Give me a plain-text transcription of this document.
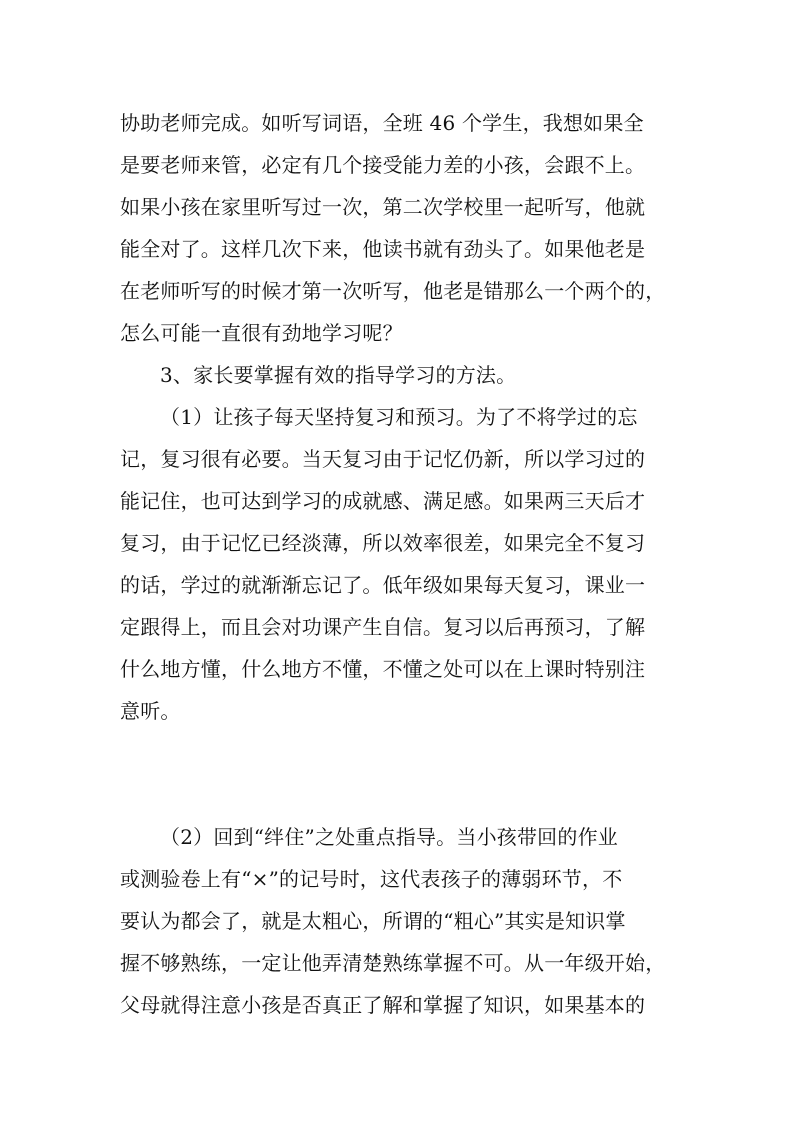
协助老师完成。如听写词语，全班 46 个学生，我想如果全
是要老师来管，必定有几个接受能力差的小孩，会跟不上。
如果小孩在家里听写过一次，第二次学校里一起听写，他就
能全对了。这样几次下来，他读书就有劲头了。如果他老是
在老师听写的时候才第一次听写，他老是错那么一个两个的，
怎么可能一直很有劲地学习呢？
3、家长要掌握有效的指导学习的方法。
（1）让孩子每天坚持复习和预习。为了不将学过的忘
记，复习很有必要。当天复习由于记忆仍新，所以学习过的
能记住，也可达到学习的成就感、满足感。如果两三天后才
复习，由于记忆已经淡薄，所以效率很差，如果完全不复习
的话，学过的就渐渐忘记了。低年级如果每天复习，课业一
定跟得上，而且会对功课产生自信。复习以后再预习，了解
什么地方懂，什么地方不懂，不懂之处可以在上课时特别注
意听。
（2）回到“绊住”之处重点指导。当小孩带回的作业
或测验卷上有“×”的记号时，这代表孩子的薄弱环节，不
要认为都会了，就是太粗心，所谓的“粗心”其实是知识掌
握不够熟练，一定让他弄清楚熟练掌握不可。从一年级开始，
父母就得注意小孩是否真正了解和掌握了知识，如果基本的
